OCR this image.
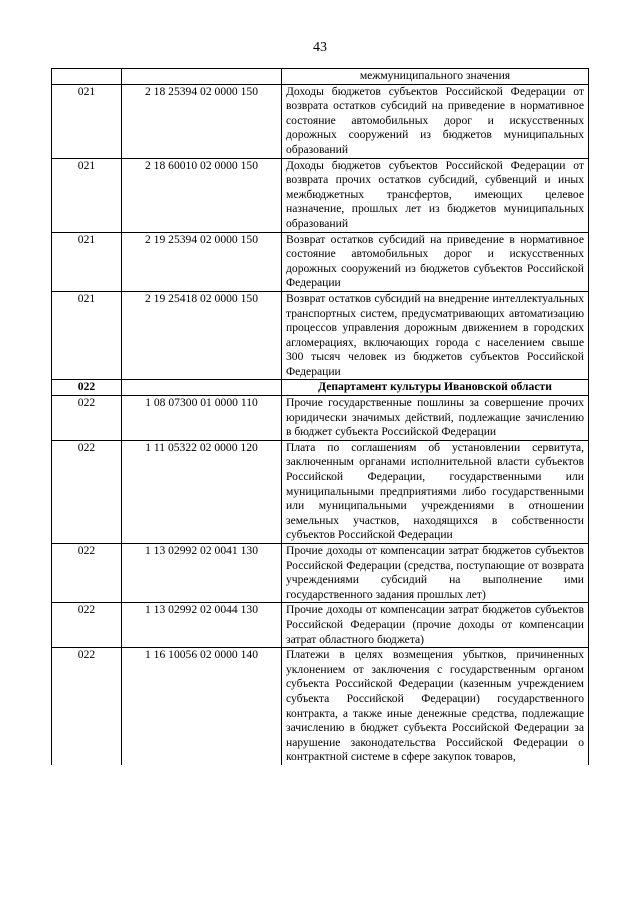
43
		межмуниципального значения
021	2 18 25394 02 0000 150	Доходы бюджетов субъектов Российской Федерации от возврата остатков субсидий на приведение в нормативное состояние автомобильных дорог и искусственных дорожных сооружений из бюджетов муниципальных образований
021	2 18 60010 02 0000 150	Доходы бюджетов субъектов Российской Федерации от возврата прочих остатков субсидий, субвенций и иных межбюджетных трансфертов, имеющих целевое назначение, прошлых лет из бюджетов муниципальных образований
021	2 19 25394 02 0000 150	Возврат остатков субсидий на приведение в нормативное состояние автомобильных дорог и искусственных дорожных сооружений из бюджетов субъектов Российской Федерации
021	2 19 25418 02 0000 150	Возврат остатков субсидий на внедрение интеллектуальных транспортных систем, предусматривающих автоматизацию процессов управления дорожным движением в городских агломерациях, включающих города с населением свыше 300 тысяч человек из бюджетов субъектов Российской Федерации
022		Департамент культуры Ивановской области
022	1 08 07300 01 0000 110	Прочие государственные пошлины за совершение прочих юридически значимых действий, подлежащие зачислению в бюджет субъекта Российской Федерации
022	1 11 05322 02 0000 120	Плата по соглашениям об установлении сервитута, заключенным органами исполнительной власти субъектов Российской Федерации, государственными или муниципальными предприятиями либо государственными или муниципальными учреждениями в отношении земельных участков, находящихся в собственности субъектов Российской Федерации
022	1 13 02992 02 0041 130	Прочие доходы от компенсации затрат бюджетов субъектов Российской Федерации (средства, поступающие от возврата учреждениями субсидий на выполнение ими государственного задания прошлых лет)
022	1 13 02992 02 0044 130	Прочие доходы от компенсации затрат бюджетов субъектов Российской Федерации (прочие доходы от компенсации затрат областного бюджета)
022	1 16 10056 02 0000 140	Платежи в целях возмещения убытков, причиненных уклонением от заключения с государственным органом субъекта Российской Федерации (казенным учреждением субъекта Российской Федерации) государственного контракта, а также иные денежные средства, подлежащие зачислению в бюджет субъекта Российской Федерации за нарушение законодательства Российской Федерации о контрактной системе в сфере закупок товаров,
